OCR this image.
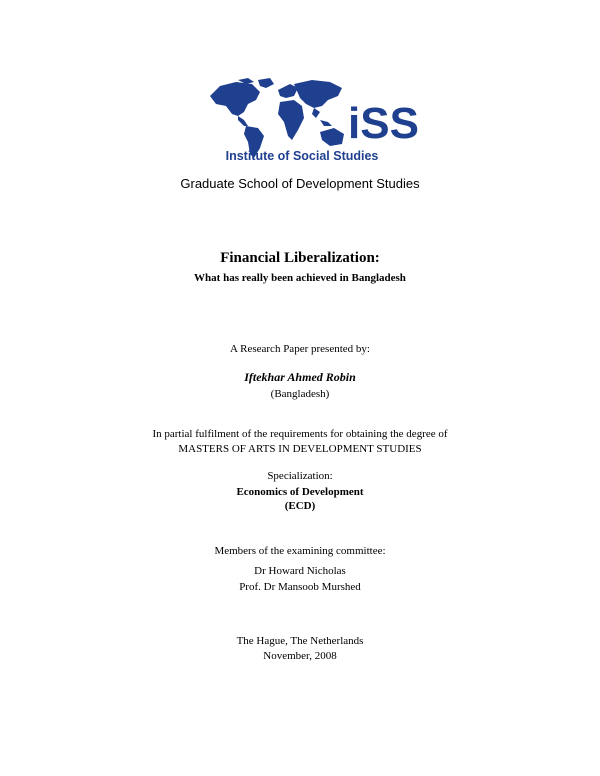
iSS
Institute of Social Studies
Graduate School of Development Studies
Financial Liberalization:
What has really been achieved in Bangladesh
A Research Paper presented by:
Iftekhar Ahmed Robin
(Bangladesh)
In partial fulfilment of the requirements for obtaining the degree of
MASTERS OF ARTS IN DEVELOPMENT STUDIES
Specialization:
Economics of Development
(ECD)
Members of the examining committee:
Dr Howard Nicholas
Prof. Dr Mansoob Murshed
The Hague, The Netherlands
November, 2008
